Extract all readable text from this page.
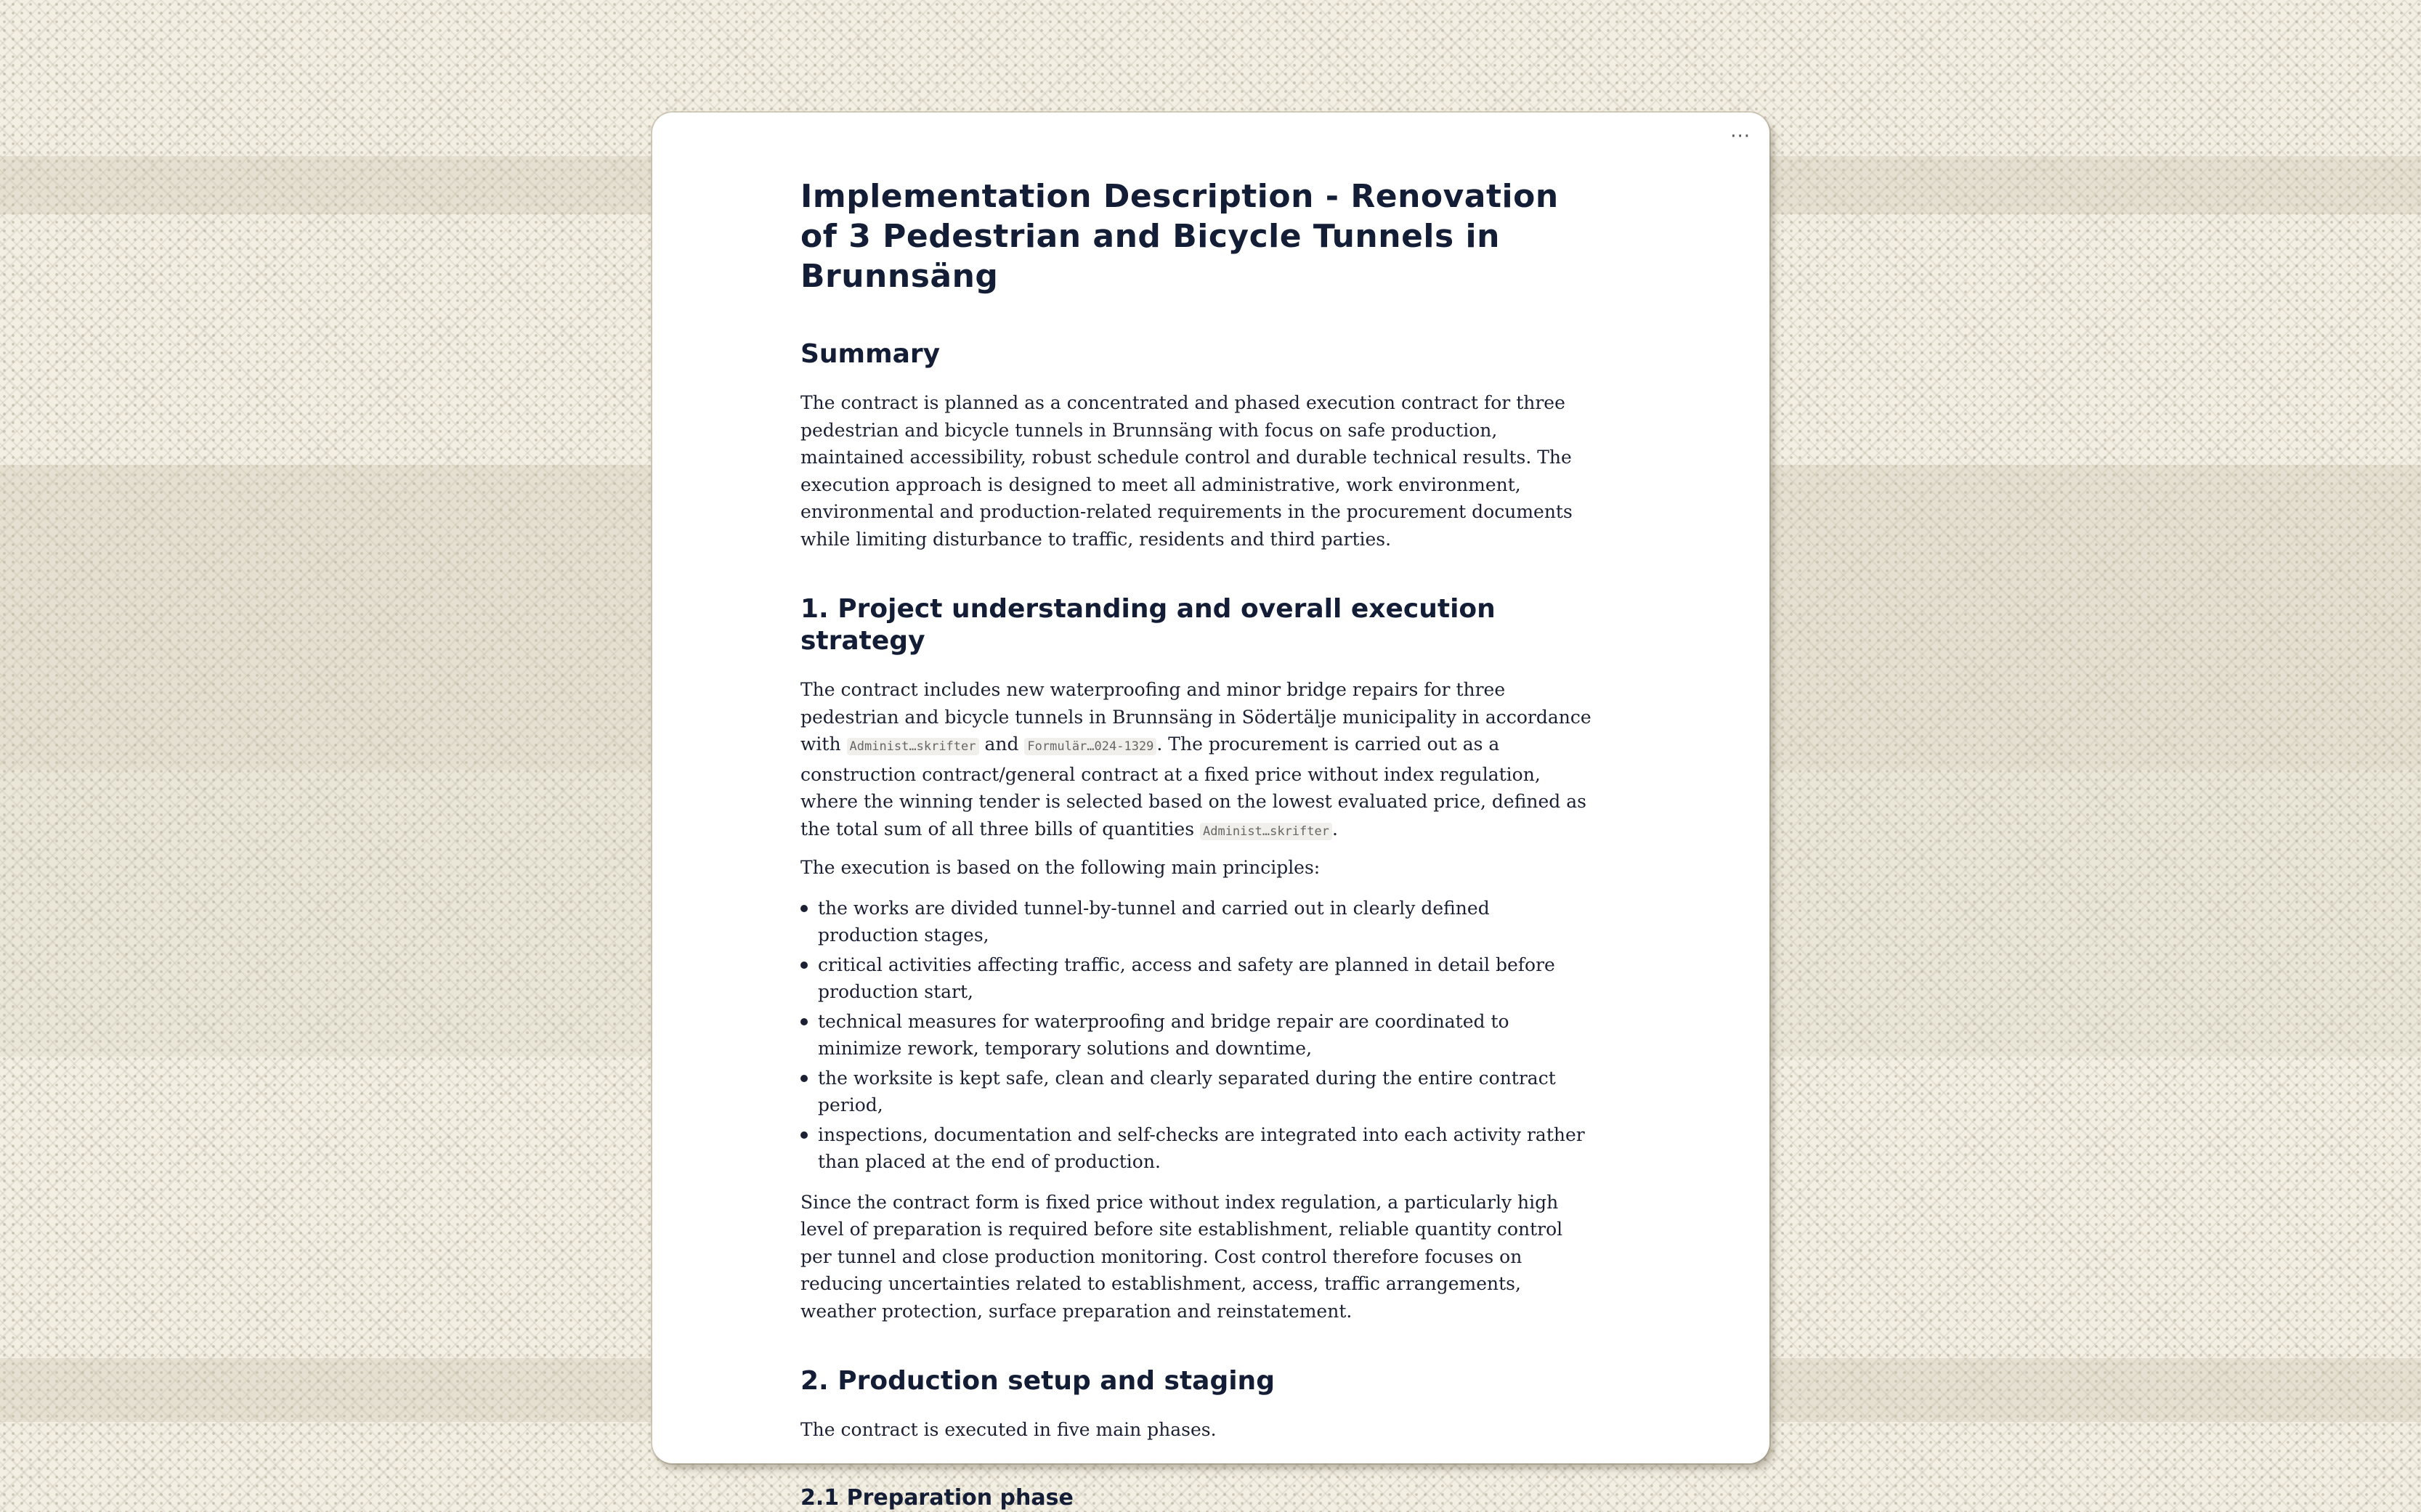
···
Implementation Description - Renovation of 3 Pedestrian and Bicycle Tunnels in Brunnsäng
Summary

The contract is planned as a concentrated and phased execution contract for three pedestrian and bicycle tunnels in Brunnsäng with focus on safe production, maintained accessibility, robust schedule control and durable technical results. The execution approach is designed to meet all administrative, work environment, environmental and production-related requirements in the procurement documents while limiting disturbance to traffic, residents and third parties.

1. Project understanding and overall execution strategy

The contract includes new waterproofing and minor bridge repairs for three pedestrian and bicycle tunnels in Brunnsäng in Södertälje municipality in accordance with Administ…skrifter and Formulär…024-1329 . The procurement is carried out as a construction contract/general contract at a fixed price without index regulation, where the winning tender is selected based on the lowest evaluated price, defined as the total sum of all three bills of quantities Administ…skrifter .

The execution is based on the following main principles:

the works are divided tunnel-by-tunnel and carried out in clearly defined production stages,
critical activities affecting traffic, access and safety are planned in detail before production start,
technical measures for waterproofing and bridge repair are coordinated to minimize rework, temporary solutions and downtime,
the worksite is kept safe, clean and clearly separated during the entire contract period,
inspections, documentation and self-checks are integrated into each activity rather than placed at the end of production.

Since the contract form is fixed price without index regulation, a particularly high level of preparation is required before site establishment, reliable quantity control per tunnel and close production monitoring. Cost control therefore focuses on reducing uncertainties related to establishment, access, traffic arrangements, weather protection, surface preparation and reinstatement.

2. Production setup and staging

The contract is executed in five main phases.

2.1 Preparation phase
